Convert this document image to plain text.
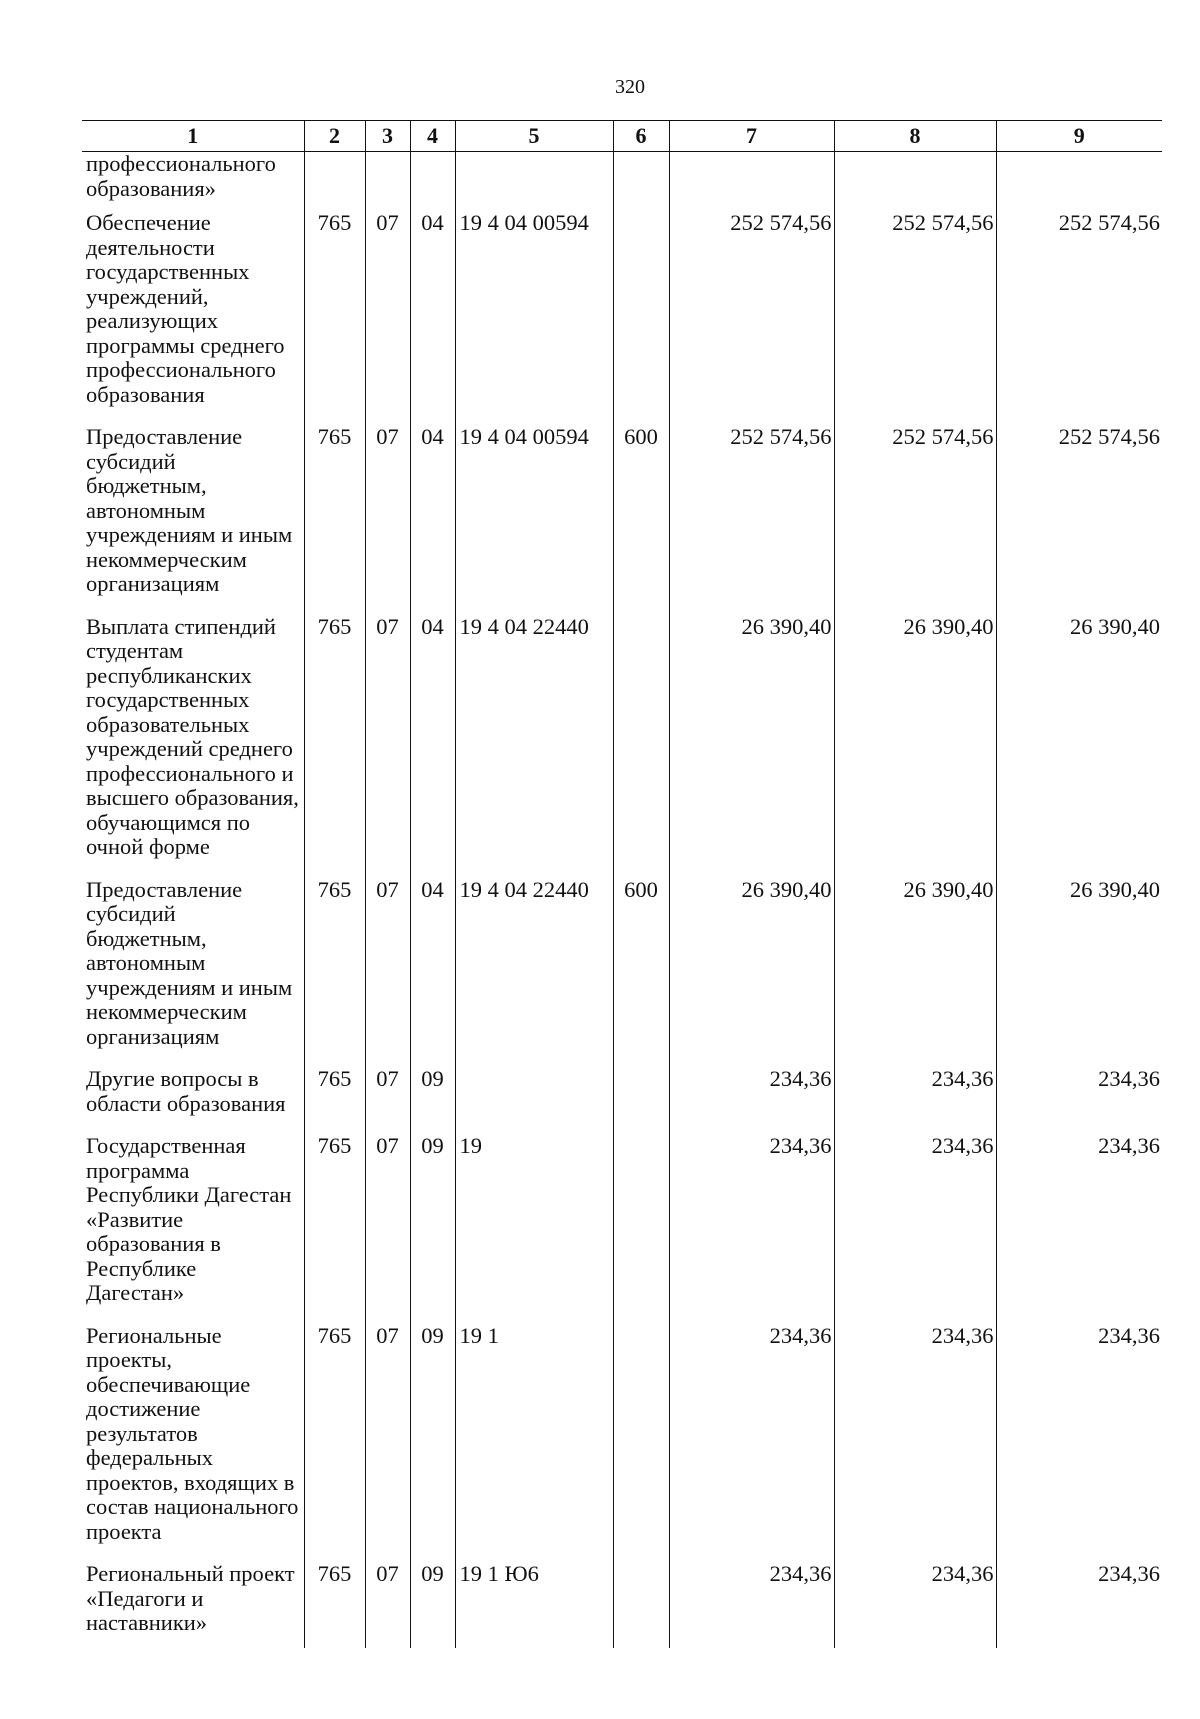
320
1	2	3	4	5	6	7	8	9
профессионального образования»								
Обеспечение деятельности государственных учреждений, реализующих программы среднего профессионального образования	765	07	04	19 4 04 00594		252 574,56	252 574,56	252 574,56
Предоставление субсидий бюджетным, автономным учреждениям и иным некоммерческим организациям	765	07	04	19 4 04 00594	600	252 574,56	252 574,56	252 574,56
Выплата стипендий студентам республиканских государственных образовательных учреждений среднего профессионального и высшего образования, обучающимся по очной форме	765	07	04	19 4 04 22440		26 390,40	26 390,40	26 390,40
Предоставление субсидий бюджетным, автономным учреждениям и иным некоммерческим организациям	765	07	04	19 4 04 22440	600	26 390,40	26 390,40	26 390,40
Другие вопросы в области образования	765	07	09			234,36	234,36	234,36
Государственная программа Республики Дагестан «Развитие образования в Республике Дагестан»	765	07	09	19		234,36	234,36	234,36
Региональные проекты, обеспечивающие достижение результатов федеральных проектов, входящих в состав национального проекта	765	07	09	19 1		234,36	234,36	234,36
Региональный проект «Педагоги и наставники»	765	07	09	19 1 Ю6		234,36	234,36	234,36
